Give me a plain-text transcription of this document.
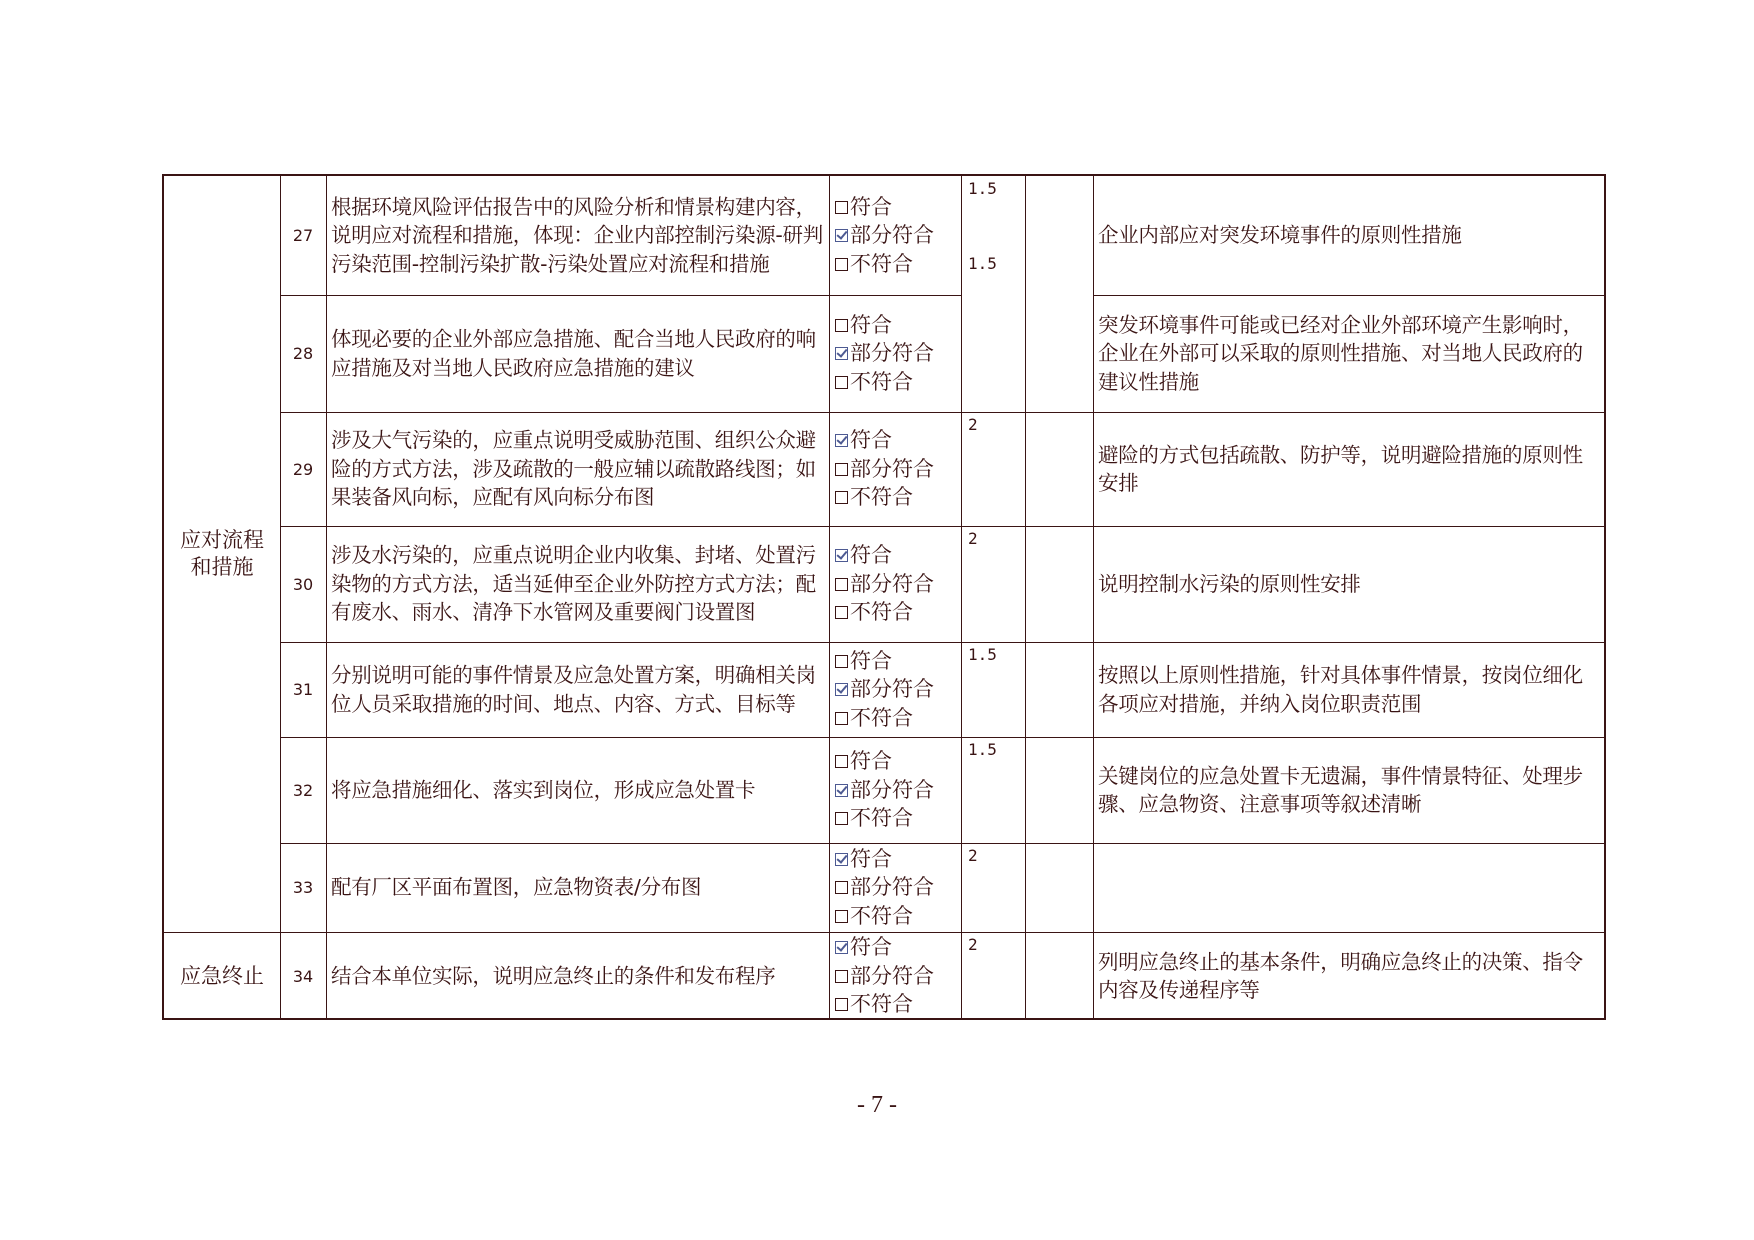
应对流程
和措施
应急终止
27
根据环境风险评估报告中的风险分析和情景构建内容，说明应对流程和措施，体现：企业内部控制污染源-研判污染范围-控制污染扩散-污染处置应对流程和措施
符合
部分符合
不符合
1.5
1.5
企业内部应对突发环境事件的原则性措施
28
体现必要的企业外部应急措施、配合当地人民政府的响应措施及对当地人民政府应急措施的建议
符合
部分符合
不符合
突发环境事件可能或已经对企业外部环境产生影响时，企业在外部可以采取的原则性措施、对当地人民政府的建议性措施
29
涉及大气污染的，应重点说明受威胁范围、组织公众避险的方式方法，涉及疏散的一般应辅以疏散路线图；如果装备风向标，应配有风向标分布图
符合
部分符合
不符合
2
避险的方式包括疏散、防护等，说明避险措施的原则性安排
30
涉及水污染的，应重点说明企业内收集、封堵、处置污染物的方式方法，适当延伸至企业外防控方式方法；配有废水、雨水、清净下水管网及重要阀门设置图
符合
部分符合
不符合
2
说明控制水污染的原则性安排
31
分别说明可能的事件情景及应急处置方案，明确相关岗位人员采取措施的时间、地点、内容、方式、目标等
符合
部分符合
不符合
1.5
按照以上原则性措施，针对具体事件情景，按岗位细化各项应对措施，并纳入岗位职责范围
32 将应急措施细化、落实到岗位，形成应急处置卡
符合
部分符合
不符合
1.5
关键岗位的应急处置卡无遗漏，事件情景特征、处理步骤、应急物资、注意事项等叙述清晰
33 配有厂区平面布置图，应急物资表/分布图
符合
部分符合
不符合
2
34 结合本单位实际，说明应急终止的条件和发布程序
符合
部分符合
不符合
2
列明应急终止的基本条件，明确应急终止的决策、指令内容及传递程序等
- 7 -
